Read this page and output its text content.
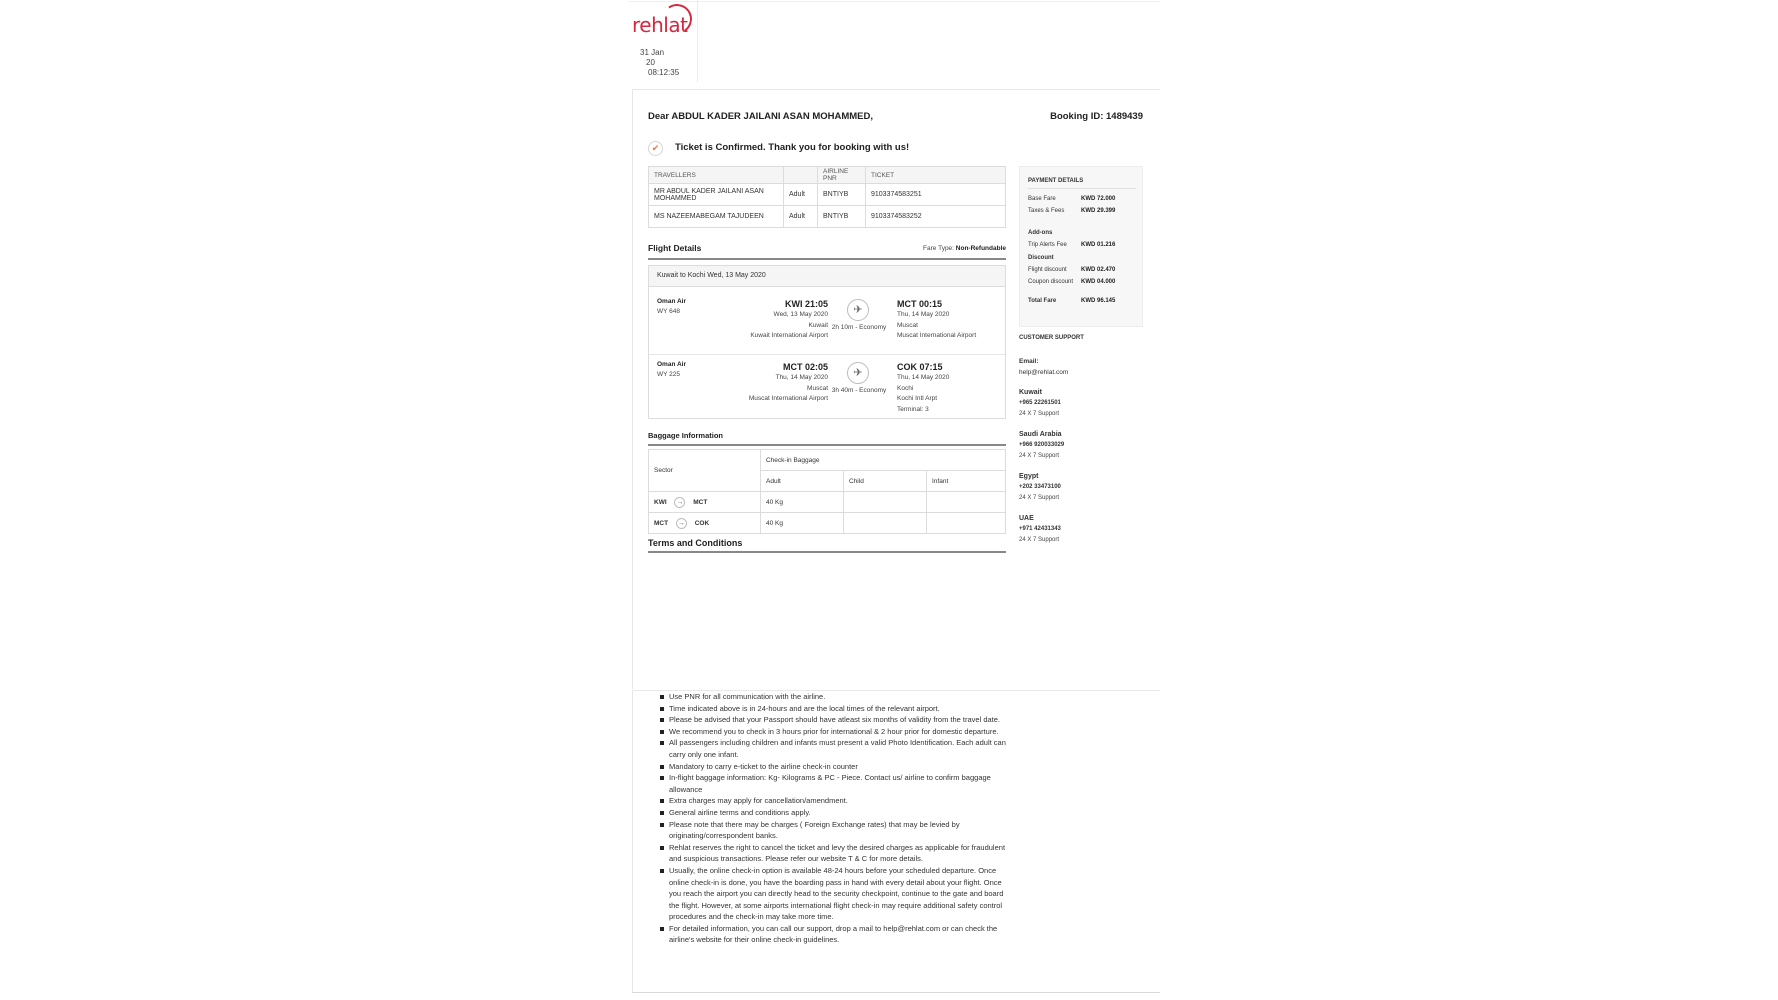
rehlat
31 Jan
20
08:12:35
Dear ABDUL KADER JAILANI ASAN MOHAMMED,	Booking ID: 1489439
✔	Ticket is Confirmed. Thank you for booking with us!
TRAVELLERS		AIRLINE PNR	TICKET
MR ABDUL KADER JAILANI ASAN MOHAMMED	Adult	BNTIYB	9103374583251
MS NAZEEMABEGAM TAJUDEEN	Adult	BNTIYB	9103374583252
Flight Details	Fare Type: Non-Refundable
Kuwait to Kochi Wed, 13 May 2020
Oman Air
WY 648
KWI 21:05
Wed, 13 May 2020
Kuwait
Kuwait International Airport
✈
2h 10m - Economy
MCT 00:15
Thu, 14 May 2020
Muscat
Muscat International Airport
Oman Air
WY 225
MCT 02:05
Thu, 14 May 2020
Muscat
Muscat International Airport
✈
3h 40m - Economy
COK 07:15
Thu, 14 May 2020
Kochi
Kochi Intl Arpt
Terminal: 3
Baggage Information
Sector	Check-in Baggage		
	Adult	Child	Infant
KWI → MCT	40 Kg		
MCT → COK	40 Kg		
Terms and Conditions
PAYMENT DETAILS
Base Fare	KWD 72.000
Taxes & Fees	KWD 29.399
Add-ons
Trip Alerts Fee KWD 01.216
Discount
Flight discount KWD 02.470
Coupon discount KWD 04.000
Total Fare	KWD 96.145
CUSTOMER SUPPORT
Email:
help@rehlat.com
Kuwait
+965 22261501
24 X 7 Support
Saudi Arabia
+966 920033029
24 X 7 Support
Egypt
+202 33473100
24 X 7 Support
UAE
+971 42431343
24 X 7 Support
Use PNR for all communication with the airline.
Time indicated above is in 24-hours and are the local times of the relevant airport.
Please be advised that your Passport should have atleast six months of validity from the travel date.
We recommend you to check in 3 hours prior for international & 2 hour prior for domestic departure.
All passengers including children and infants must present a valid Photo Identification. Each adult can carry only one infant.
Mandatory to carry e-ticket to the airline check-in counter
In-flight baggage information: Kg- Kilograms & PC - Piece. Contact us/ airline to confirm baggage allowance
Extra charges may apply for cancellation/amendment.
General airline terms and conditions apply.
Please note that there may be charges ( Foreign Exchange rates) that may be levied by originating/correspondent banks.
Rehlat reserves the right to cancel the ticket and levy the desired charges as applicable for fraudulent and suspicious transactions. Please refer our website T & C for more details.
Usually, the online check-in option is available 48-24 hours before your scheduled departure. Once online check-in is done, you have the boarding pass in hand with every detail about your flight. Once you reach the airport you can directly head to the security checkpoint, continue to the gate and board the flight. However, at some airports international flight check-in may require additional safety control procedures and the check-in may take more time.
For detailed information, you can call our support, drop a mail to help@rehlat.com or can check the airline's website for their online check-in guidelines.
